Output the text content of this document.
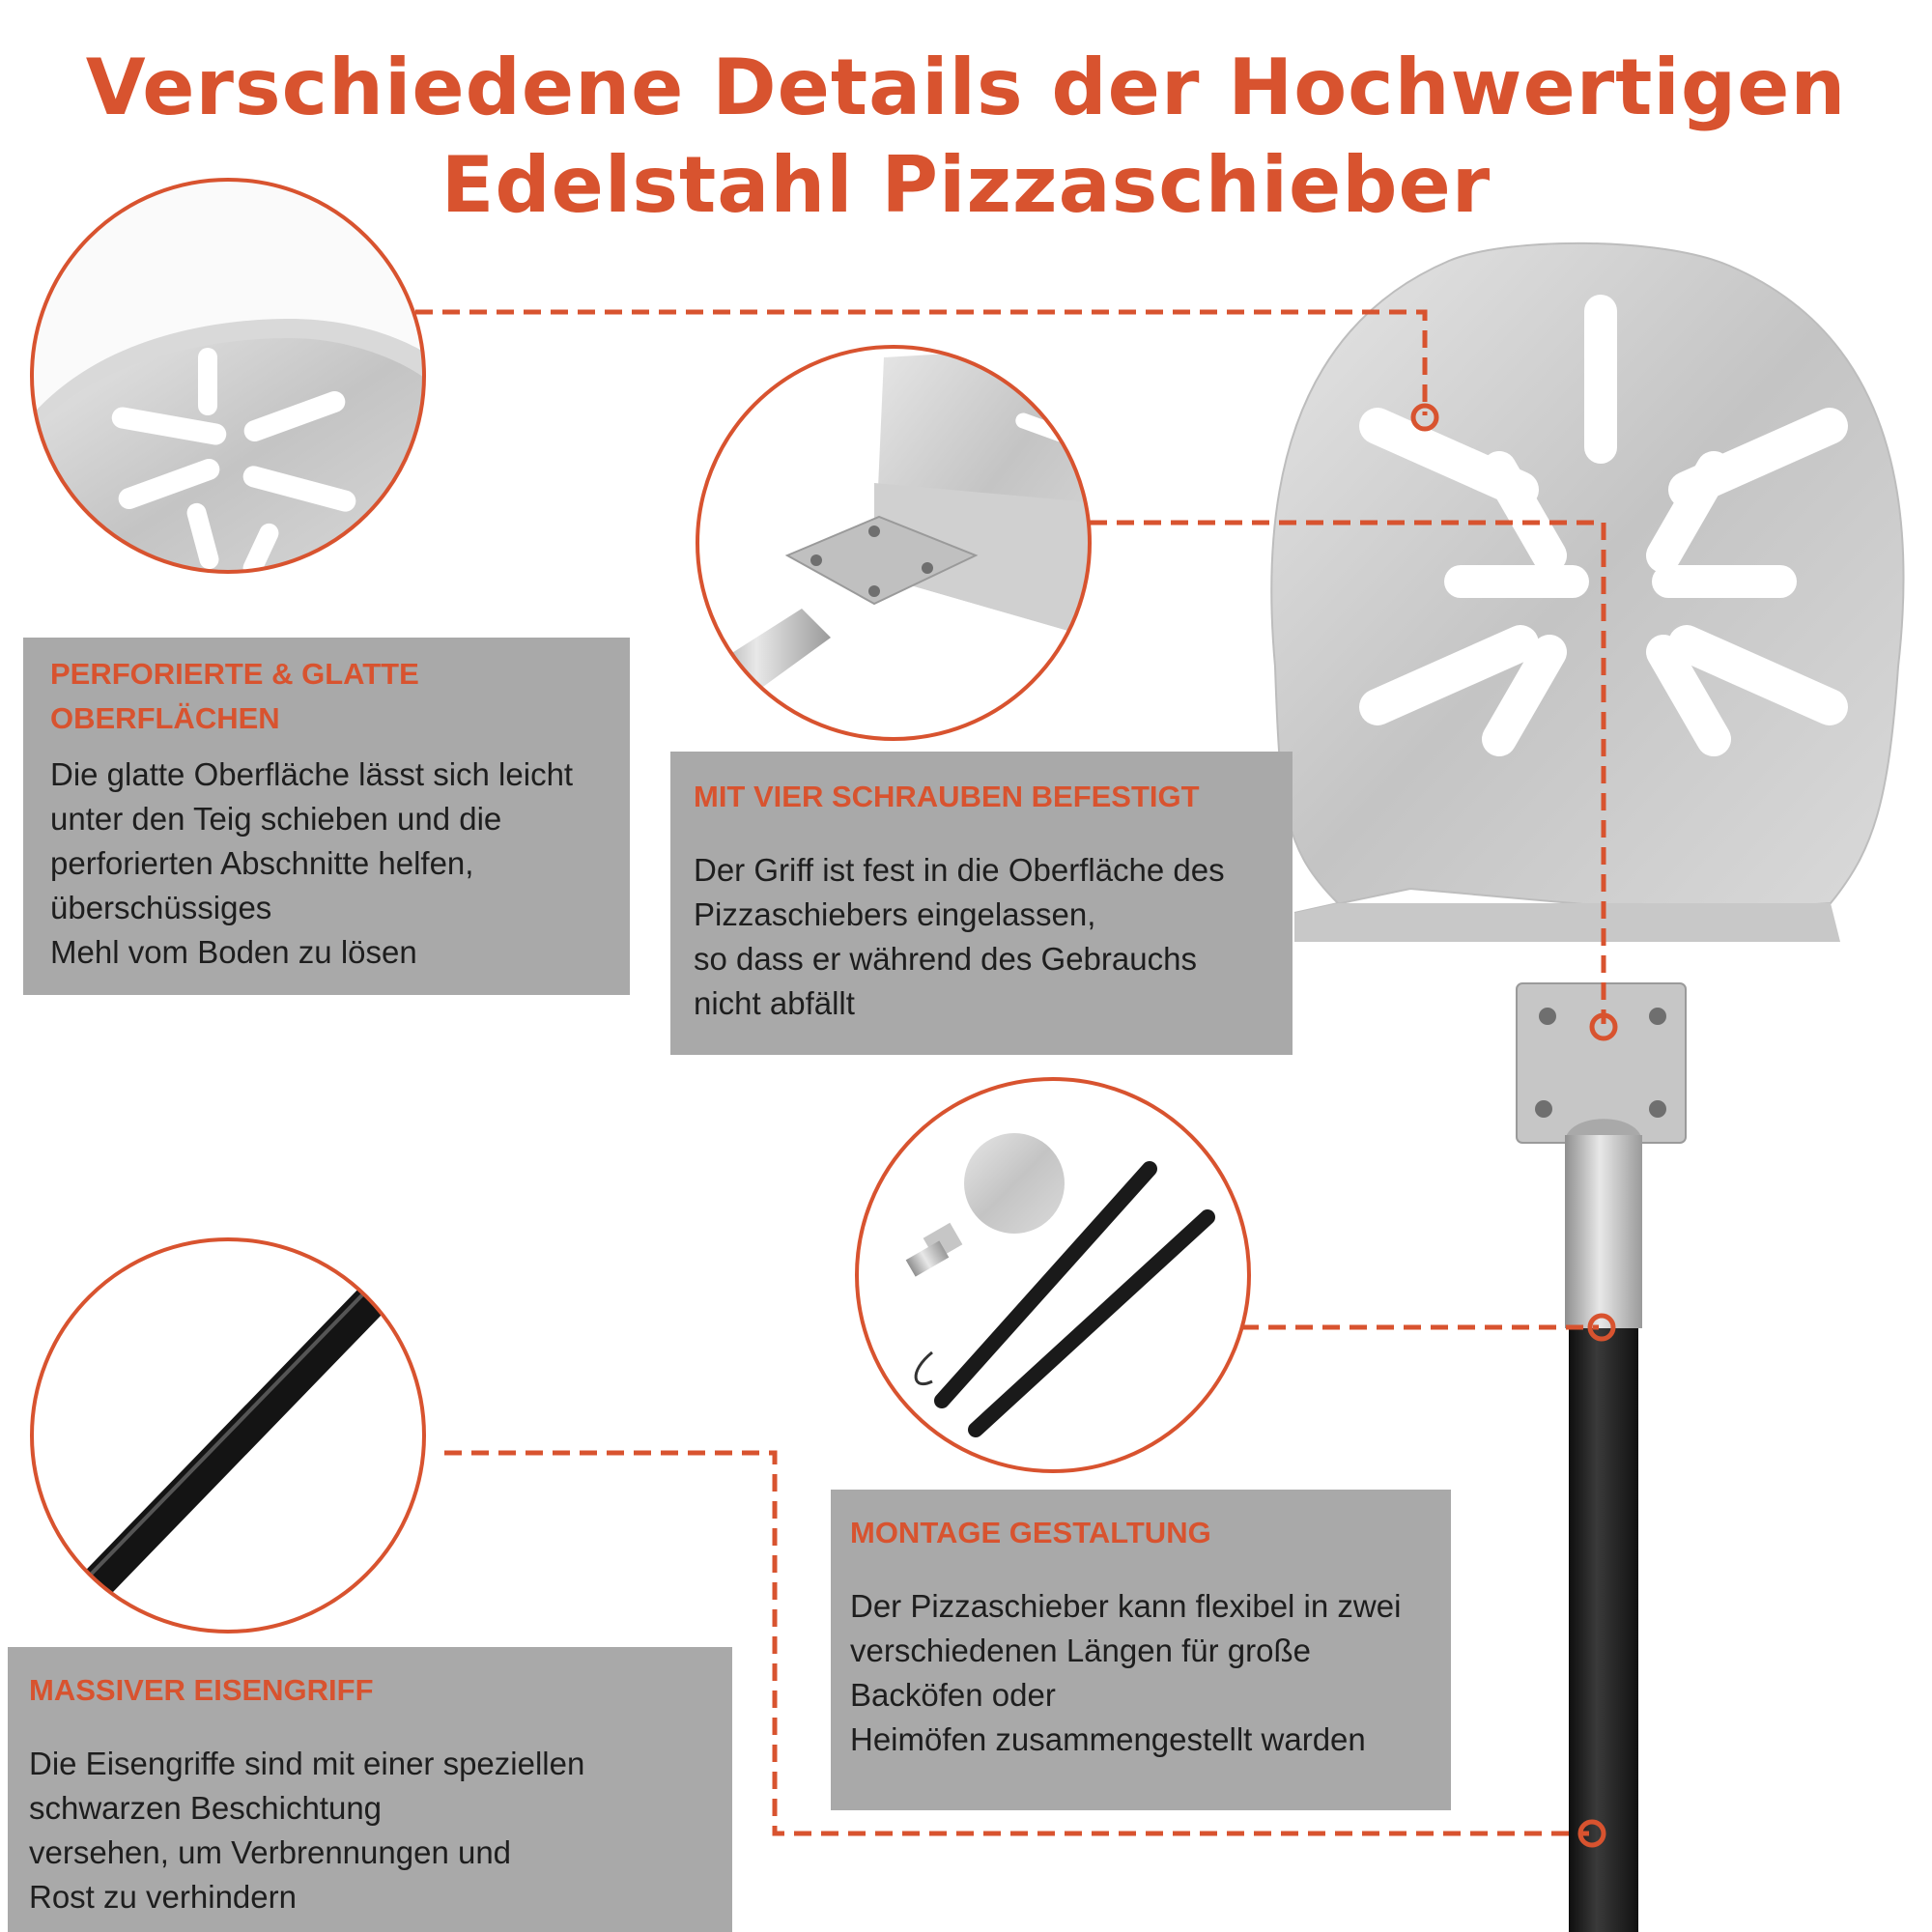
Verschiedene Details der Hochwertigen
Edelstahl Pizzaschieber
PERFORIERTE & GLATTE
OBERFLÄCHEN
Die glatte Oberfläche lässt sich leicht
unter den Teig schieben und die
perforierten Abschnitte helfen,
überschüssiges
Mehl vom Boden zu lösen
MIT VIER SCHRAUBEN BEFESTIGT
Der Griff ist fest in die Oberfläche des
Pizzaschiebers eingelassen,
so dass er während des Gebrauchs
nicht abfällt
MONTAGE GESTALTUNG
Der Pizzaschieber kann flexibel in zwei
verschiedenen Längen für große
Backöfen oder
Heimöfen zusammengestellt warden
MASSIVER EISENGRIFF
Die Eisengriffe sind mit einer speziellen
schwarzen Beschichtung
versehen, um Verbrennungen und
Rost zu verhindern
